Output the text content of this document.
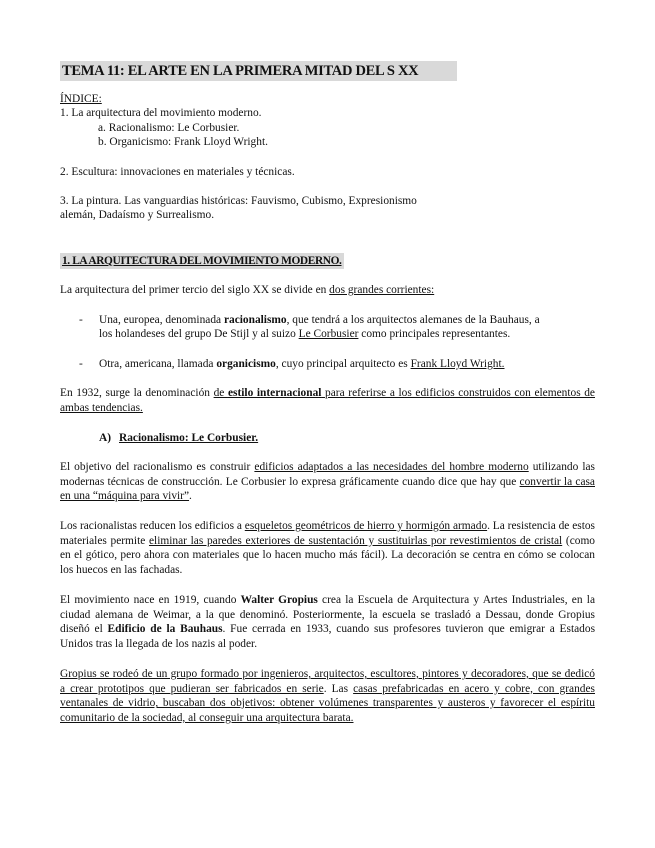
TEMA 11: EL ARTE EN LA PRIMERA MITAD DEL S XX
ÍNDICE:
1. La arquitectura del movimiento moderno.
a. Racionalismo: Le Corbusier.
b. Organicismo: Frank Lloyd Wright.
2. Escultura: innovaciones en materiales y técnicas.
3. La pintura. Las vanguardias históricas: Fauvismo, Cubismo, Expresionismo
alemán, Dadaísmo y Surrealismo.
1. LA ARQUITECTURA DEL MOVIMIENTO MODERNO.
La arquitectura del primer tercio del siglo XX se divide en dos grandes corrientes:
-	Una, europea, denominada racionalismo, que tendrá a los arquitectos alemanes de la Bauhaus, a
los holandeses del grupo De Stijl y al suizo Le Corbusier como principales representantes.
-	Otra, americana, llamada organicismo, cuyo principal arquitecto es Frank Lloyd Wright.
En 1932, surge la denominación de estilo internacional para referirse a los edificios construidos con elementos de ambas tendencias.
A) Racionalismo: Le Corbusier.
El objetivo del racionalismo es construir edificios adaptados a las necesidades del hombre moderno utilizando las modernas técnicas de construcción. Le Corbusier lo expresa gráficamente cuando dice que hay que convertir la casa en una “máquina para vivir”.
Los racionalistas reducen los edificios a esqueletos geométricos de hierro y hormigón armado. La resistencia de estos materiales permite eliminar las paredes exteriores de sustentación y sustituirlas por revestimientos de cristal (como en el gótico, pero ahora con materiales que lo hacen mucho más fácil). La decoración se centra en cómo se colocan los huecos en las fachadas.
El movimiento nace en 1919, cuando Walter Gropius crea la Escuela de Arquitectura y Artes Industriales, en la ciudad alemana de Weimar, a la que denominó. Posteriormente, la escuela se trasladó a Dessau, donde Gropius diseñó el Edificio de la Bauhaus. Fue cerrada en 1933, cuando sus profesores tuvieron que emigrar a Estados Unidos tras la llegada de los nazis al poder.
Gropius se rodeó de un grupo formado por ingenieros, arquitectos, escultores, pintores y decoradores, que se dedicó a crear prototipos que pudieran ser fabricados en serie. Las casas prefabricadas en acero y cobre, con grandes ventanales de vidrio, buscaban dos objetivos: obtener volúmenes transparentes y austeros y favorecer el espíritu comunitario de la sociedad, al conseguir una arquitectura barata.
